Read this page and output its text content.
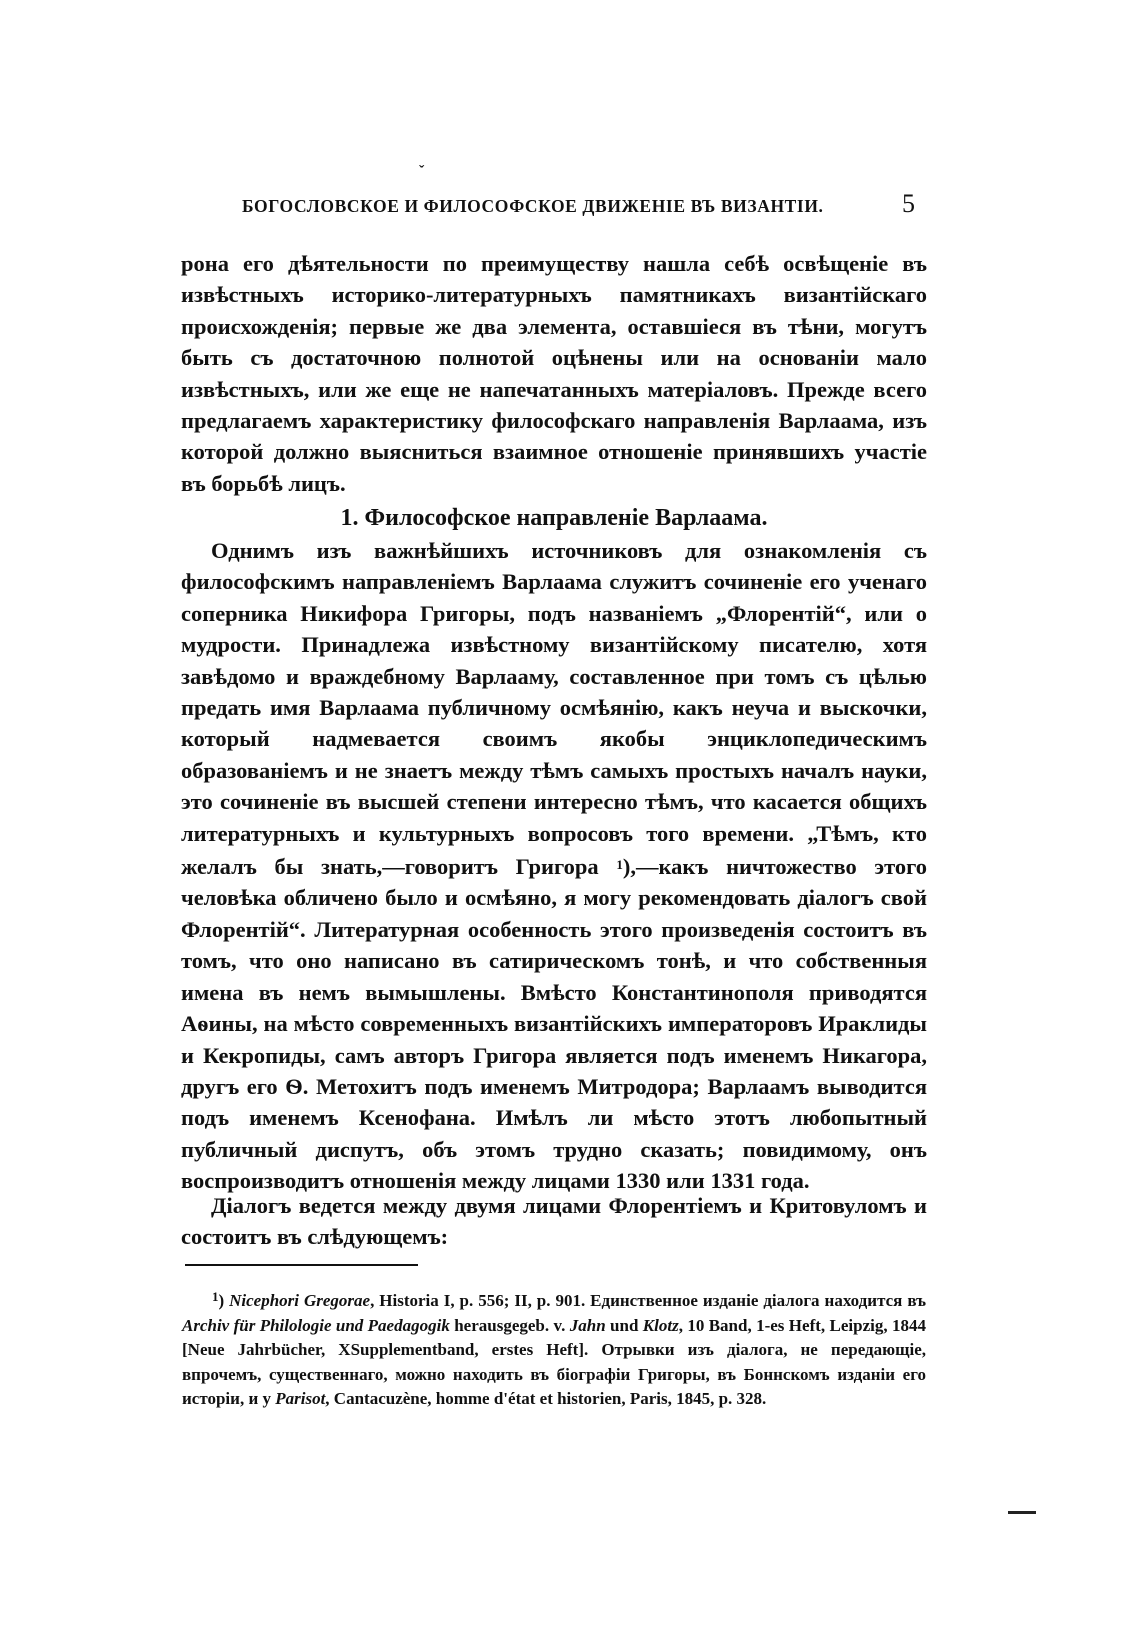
ˇ
БОГОСЛОВСКОЕ И ФИЛОСОФСКОЕ ДВИЖЕНІЕ ВЪ ВИЗАНТІИ.	5
рона его дѣятельности по преимуществу нашла себѣ освѣщеніе въ извѣстныхъ историко-литературныхъ памятникахъ византійскаго происхожденія; первые же два элемента, оставшіеся въ тѣни, могутъ быть съ достаточною полнотой оцѣнены или на основаніи мало извѣстныхъ, или же еще не напечатанныхъ матеріаловъ. Прежде всего предлагаемъ характеристику философскаго направленія Варлаама, изъ которой должно выясниться взаимное отношеніе принявшихъ участіе въ борьбѣ лицъ.
1. Философское направленіе Варлаама.
Однимъ изъ важнѣйшихъ источниковъ для ознакомленія съ философскимъ направленіемъ Варлаама служитъ сочиненіе его ученаго соперника Никифора Григоры, подъ названіемъ „Флорентій“, или о мудрости. Принадлежа извѣстному византійскому писателю, хотя завѣдомо и враждебному Варлааму, составленное при томъ съ цѣлью предать имя Варлаама публичному осмѣянію, какъ неуча и выскочки, который надмевается своимъ якобы энциклопедическимъ образованіемъ и не знаетъ между тѣмъ самыхъ простыхъ началъ науки, это сочиненіе въ высшей степени интересно тѣмъ, что касается общихъ литературныхъ и культурныхъ вопросовъ того времени. „Тѣмъ, кто желалъ бы знать,—говоритъ Григора $^1$),—какъ ничтожество этого человѣка обличено было и осмѣяно, я могу рекомендовать діалогъ свой Флорентій“. Литературная особенность этого произведенія состоитъ въ томъ, что оно написано въ сатирическомъ тонѣ, и что собственныя имена въ немъ вымышлены. Вмѣсто Константинополя приводятся Аѳины, на мѣсто современныхъ византійскихъ императоровъ Ираклиды и Кекропиды, самъ авторъ Григора является подъ именемъ Никагора, другъ его Ѳ. Метохитъ подъ именемъ Митродора; Варлаамъ выводится подъ именемъ Ксенофана. Имѣлъ ли мѣсто этотъ любопытный публичный диспутъ, объ этомъ трудно сказать; повидимому, онъ воспроизводитъ отношенія между лицами 1330 или 1331 года.
Діалогъ ведется между двумя лицами Флорентіемъ и Критовуломъ и состоитъ въ слѣдующемъ:
$^1$) Nicephori Gregorae, Historia I, p. 556; II, p. 901. Единственное изданіе діалога находится въ Archiv für Philologie und Paedagogik herausgegeb. v. Jahn und Klotz, 10 Band, 1-es Heft, Leipzig, 1844 [Neue Jahrbücher, XSupplementband, erstes Heft]. Отрывки изъ діалога, не передающіе, впрочемъ, существеннаго, можно находить въ біографіи Григоры, въ Боннскомъ изданіи его исторіи, и у Parisot, Cantacuzène, homme d'état et historien, Paris, 1845, p. 328.
